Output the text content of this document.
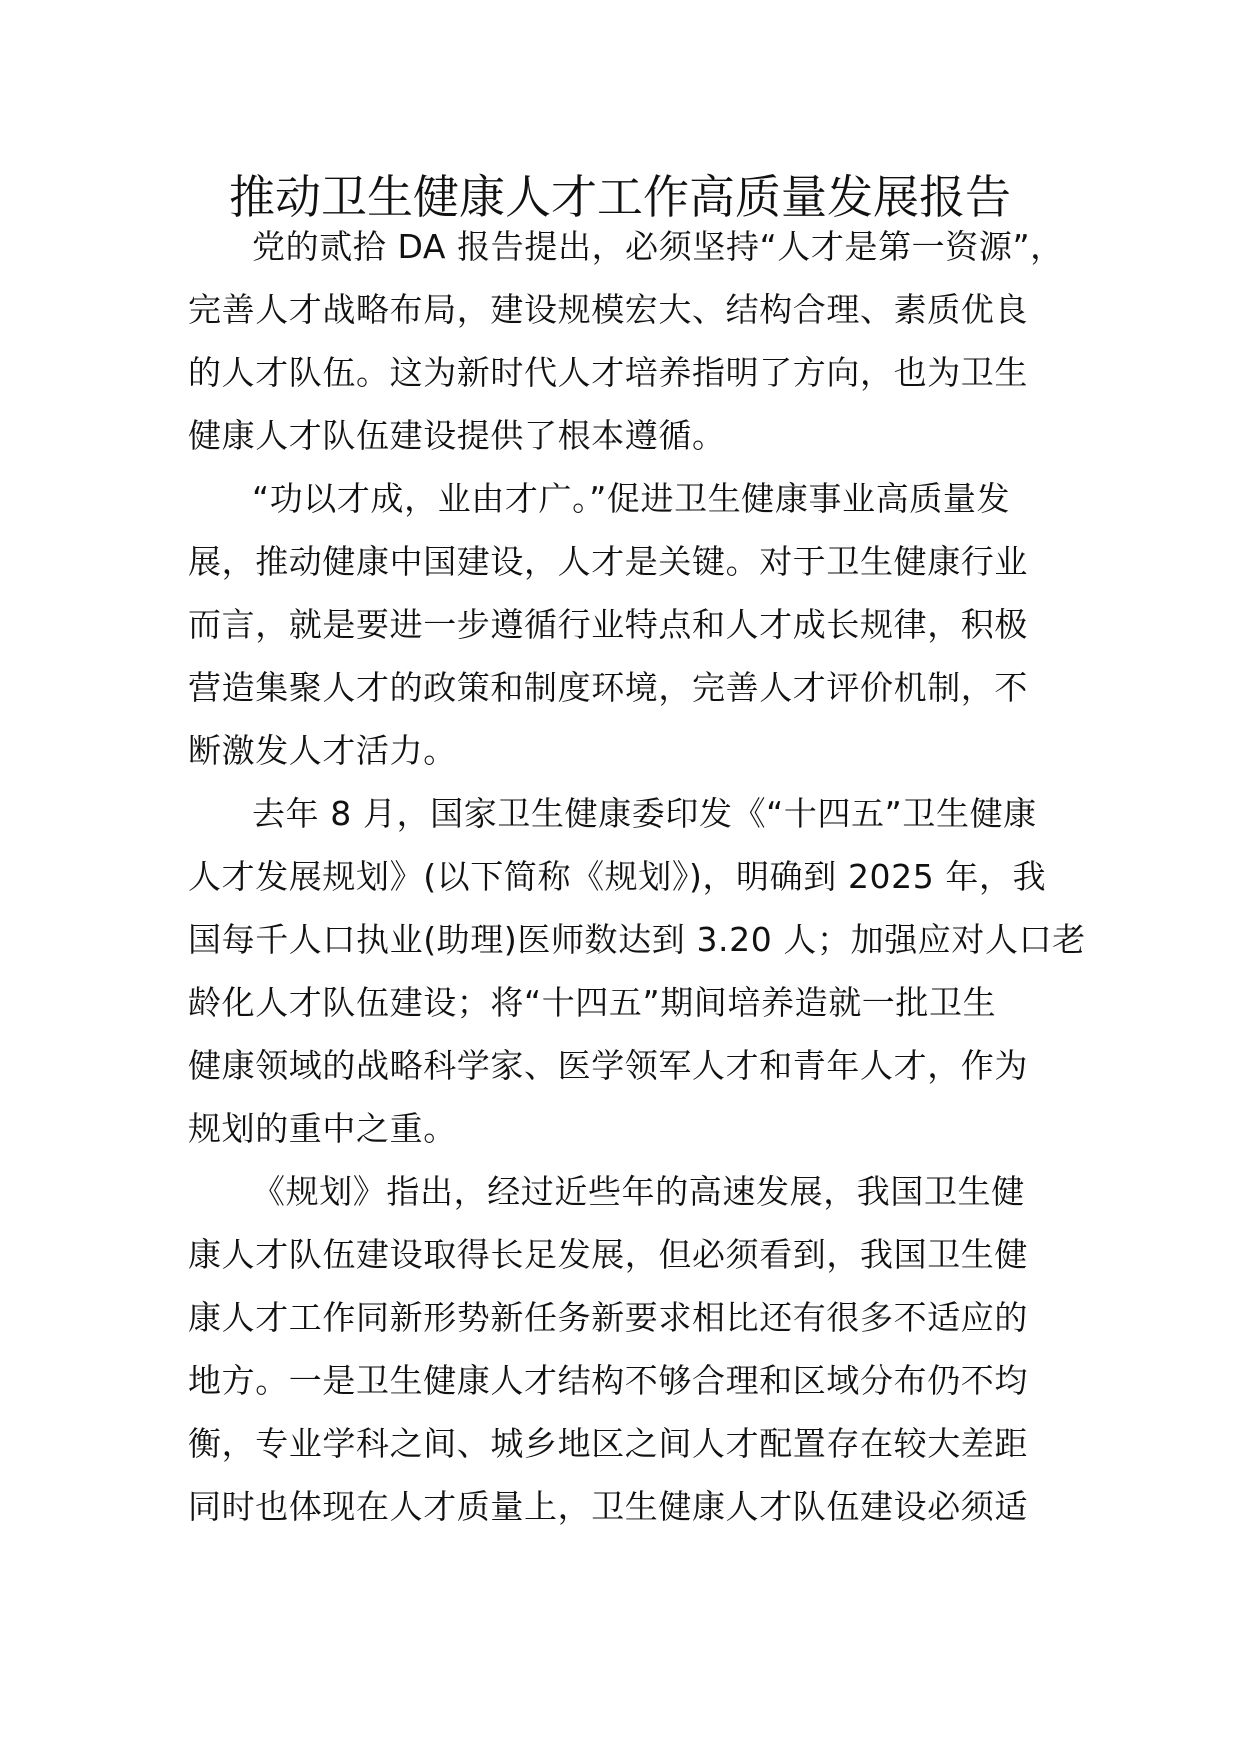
推动卫生健康人才工作高质量发展报告
党的贰拾 DA 报告提出，必须坚持“人才是第一资源”，
完善人才战略布局，建设规模宏大、结构合理、素质优良
的人才队伍。这为新时代人才培养指明了方向，也为卫生
健康人才队伍建设提供了根本遵循。
“功以才成，业由才广。”促进卫生健康事业高质量发
展，推动健康中国建设，人才是关键。对于卫生健康行业
而言，就是要进一步遵循行业特点和人才成长规律，积极
营造集聚人才的政策和制度环境，完善人才评价机制，不
断激发人才活力。
去年 8 月，国家卫生健康委印发《“十四五”卫生健康
人才发展规划》(以下简称《规划》)，明确到 2025 年，我
国每千人口执业(助理)医师数达到 3.20 人；加强应对人口老
龄化人才队伍建设；将“十四五”期间培养造就一批卫生
健康领域的战略科学家、医学领军人才和青年人才，作为
规划的重中之重。
《规划》指出，经过近些年的高速发展，我国卫生健
康人才队伍建设取得长足发展，但必须看到，我国卫生健
康人才工作同新形势新任务新要求相比还有很多不适应的
地方。一是卫生健康人才结构不够合理和区域分布仍不均
衡，专业学科之间、城乡地区之间人才配置存在较大差距
同时也体现在人才质量上，卫生健康人才队伍建设必须适
